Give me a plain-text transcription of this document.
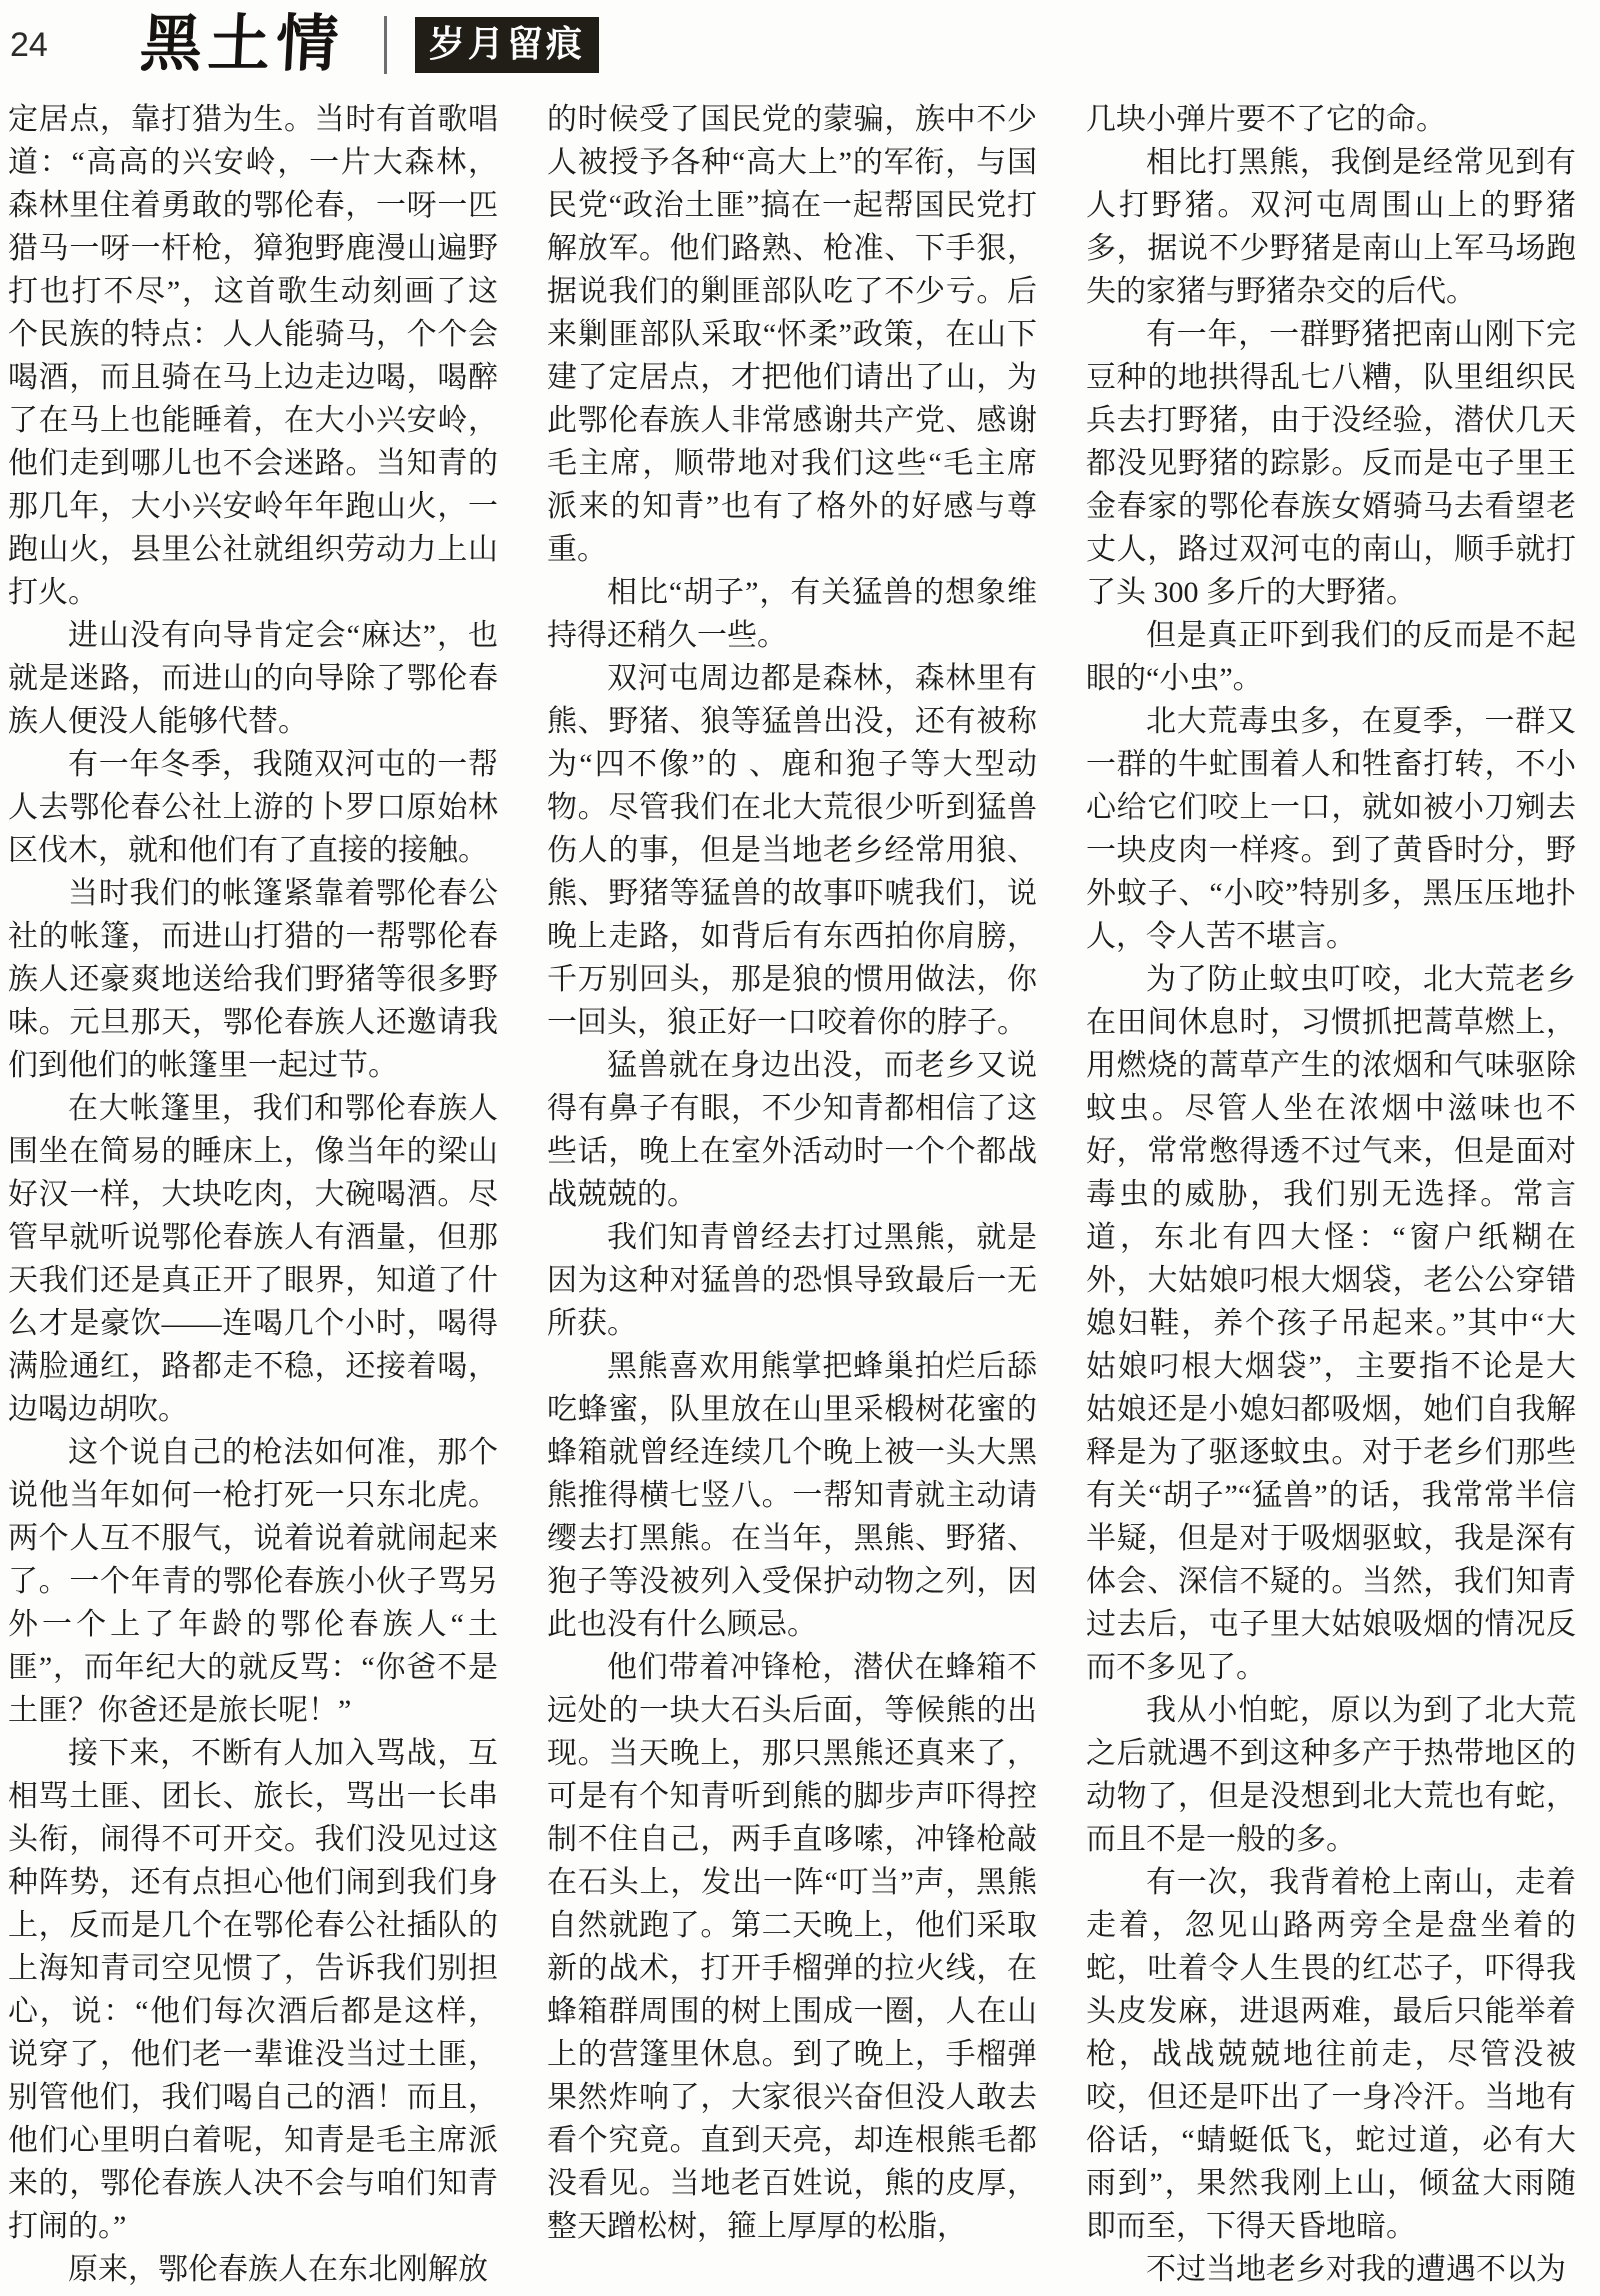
24 黑土情	岁月留痕

定居点，靠打猎为生。当时有首歌唱道：“高高的兴安岭，一片大森林，森林里住着勇敢的鄂伦春，一呀一匹猎马一呀一杆枪，獐狍野鹿漫山遍野打也打不尽”，这首歌生动刻画了这个民族的特点：人人能骑马，个个会喝酒，而且骑在马上边走边喝，喝醉了在马上也能睡着，在大小兴安岭，他们走到哪儿也不会迷路。当知青的那几年，大小兴安岭年年跑山火，一跑山火，县里公社就组织劳动力上山打火。

进山没有向导肯定会“麻达”，也就是迷路，而进山的向导除了鄂伦春族人便没人能够代替。

有一年冬季，我随双河屯的一帮人去鄂伦春公社上游的卜罗口原始林区伐木，就和他们有了直接的接触。

当时我们的帐篷紧靠着鄂伦春公社的帐篷，而进山打猎的一帮鄂伦春族人还豪爽地送给我们野猪等很多野味。元旦那天，鄂伦春族人还邀请我们到他们的帐篷里一起过节。

在大帐篷里，我们和鄂伦春族人围坐在简易的睡床上，像当年的梁山好汉一样，大块吃肉，大碗喝酒。尽管早就听说鄂伦春族人有酒量，但那天我们还是真正开了眼界，知道了什么才是豪饮——连喝几个小时，喝得满脸通红，路都走不稳，还接着喝，边喝边胡吹。

这个说自己的枪法如何准，那个说他当年如何一枪打死一只东北虎。两个人互不服气，说着说着就闹起来了。一个年青的鄂伦春族小伙子骂另外一个上了年龄的鄂伦春族人“土匪”，而年纪大的就反骂：“你爸不是土匪？你爸还是旅长呢！”

接下来，不断有人加入骂战，互相骂土匪、团长、旅长，骂出一长串头衔，闹得不可开交。我们没见过这种阵势，还有点担心他们闹到我们身上，反而是几个在鄂伦春公社插队的上海知青司空见惯了，告诉我们别担心，说：“他们每次酒后都是这样，说穿了，他们老一辈谁没当过土匪，别管他们，我们喝自己的酒！而且，他们心里明白着呢，知青是毛主席派来的，鄂伦春族人决不会与咱们知青打闹的。”

原来，鄂伦春族人在东北刚解放

的时候受了国民党的蒙骗，族中不少人被授予各种“高大上”的军衔，与国民党“政治土匪”搞在一起帮国民党打解放军。他们路熟、枪准、下手狠，据说我们的剿匪部队吃了不少亏。后来剿匪部队采取“怀柔”政策，在山下建了定居点，才把他们请出了山，为此鄂伦春族人非常感谢共产党、感谢毛主席，顺带地对我们这些“毛主席派来的知青”也有了格外的好感与尊重。

相比“胡子”，有关猛兽的想象维持得还稍久一些。

双河屯周边都是森林，森林里有熊、野猪、狼等猛兽出没，还有被称为“四不像”的 、鹿和狍子等大型动物。尽管我们在北大荒很少听到猛兽伤人的事，但是当地老乡经常用狼、熊、野猪等猛兽的故事吓唬我们，说晚上走路，如背后有东西拍你肩膀，千万别回头，那是狼的惯用做法，你一回头，狼正好一口咬着你的脖子。

猛兽就在身边出没，而老乡又说得有鼻子有眼，不少知青都相信了这些话，晚上在室外活动时一个个都战战兢兢的。

我们知青曾经去打过黑熊，就是因为这种对猛兽的恐惧导致最后一无所获。

黑熊喜欢用熊掌把蜂巢拍烂后舔吃蜂蜜，队里放在山里采椴树花蜜的蜂箱就曾经连续几个晚上被一头大黑熊推得横七竖八。一帮知青就主动请缨去打黑熊。在当年，黑熊、野猪、狍子等没被列入受保护动物之列，因此也没有什么顾忌。

他们带着冲锋枪，潜伏在蜂箱不远处的一块大石头后面，等候熊的出现。当天晚上，那只黑熊还真来了，可是有个知青听到熊的脚步声吓得控制不住自己，两手直哆嗦，冲锋枪敲在石头上，发出一阵“叮当”声，黑熊自然就跑了。第二天晚上，他们采取新的战术，打开手榴弹的拉火线，在蜂箱群周围的树上围成一圈，人在山上的营篷里休息。到了晚上，手榴弹果然炸响了，大家很兴奋但没人敢去看个究竟。直到天亮，却连根熊毛都没看见。当地老百姓说，熊的皮厚，整天蹭松树，箍上厚厚的松脂，

几块小弹片要不了它的命。

相比打黑熊，我倒是经常见到有人打野猪。双河屯周围山上的野猪多，据说不少野猪是南山上军马场跑失的家猪与野猪杂交的后代。

有一年，一群野猪把南山刚下完豆种的地拱得乱七八糟，队里组织民兵去打野猪，由于没经验，潜伏几天都没见野猪的踪影。反而是屯子里王金春家的鄂伦春族女婿骑马去看望老丈人，路过双河屯的南山，顺手就打了头 300 多斤的大野猪。

但是真正吓到我们的反而是不起眼的“小虫”。

北大荒毒虫多，在夏季，一群又一群的牛虻围着人和牲畜打转，不小心给它们咬上一口，就如被小刀剜去一块皮肉一样疼。到了黄昏时分，野外蚊子、“小咬”特别多，黑压压地扑人，令人苦不堪言。

为了防止蚊虫叮咬，北大荒老乡在田间休息时，习惯抓把蒿草燃上，用燃烧的蒿草产生的浓烟和气味驱除蚊虫。尽管人坐在浓烟中滋味也不好，常常憋得透不过气来，但是面对毒虫的威胁，我们别无选择。常言道，东北有四大怪：“窗户纸糊在外，大姑娘叼根大烟袋，老公公穿错媳妇鞋，养个孩子吊起来。”其中“大姑娘叼根大烟袋”，主要指不论是大姑娘还是小媳妇都吸烟，她们自我解释是为了驱逐蚊虫。对于老乡们那些有关“胡子”“猛兽”的话，我常常半信半疑，但是对于吸烟驱蚊，我是深有体会、深信不疑的。当然，我们知青过去后，屯子里大姑娘吸烟的情况反而不多见了。

我从小怕蛇，原以为到了北大荒之后就遇不到这种多产于热带地区的动物了，但是没想到北大荒也有蛇，而且不是一般的多。

有一次，我背着枪上南山，走着走着，忽见山路两旁全是盘坐着的蛇，吐着令人生畏的红芯子，吓得我头皮发麻，进退两难，最后只能举着枪，战战兢兢地往前走，尽管没被咬，但还是吓出了一身冷汗。当地有俗话，“蜻蜓低飞，蛇过道，必有大雨到”，果然我刚上山，倾盆大雨随即而至，下得天昏地暗。

不过当地老乡对我的遭遇不以为
